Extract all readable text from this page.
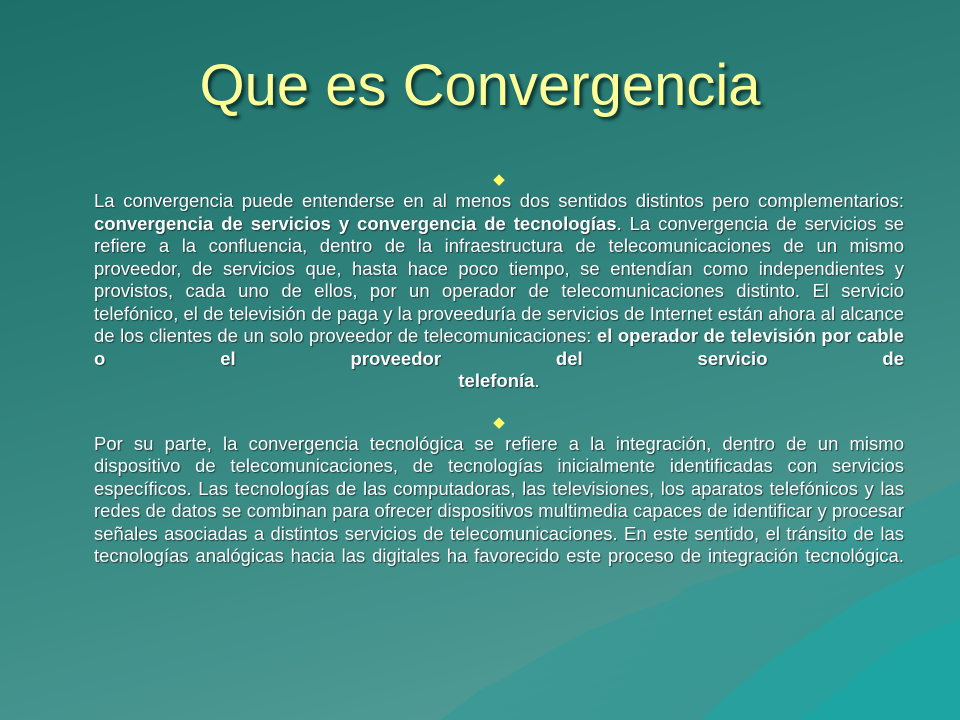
Que es Convergencia
◆

La convergencia puede entenderse en al menos dos sentidos distintos pero complementarios: convergencia de servicios y convergencia de tecnologías. La convergencia de servicios se refiere a la confluencia, dentro de la infraestructura de telecomunicaciones de un mismo proveedor, de servicios que, hasta hace poco tiempo, se entendían como independientes y provistos, cada uno de ellos, por un operador de telecomunicaciones distinto. El servicio telefónico, el de televisión de paga y la proveeduría de servicios de Internet están ahora al alcance de los clientes de un solo proveedor de telecomunicaciones: el operador de televisión por cable o el proveedor del servicio de

telefonía.

◆

Por su parte, la convergencia tecnológica se refiere a la integración, dentro de un mismo dispositivo de telecomunicaciones, de tecnologías inicialmente identificadas con servicios específicos. Las tecnologías de las computadoras, las televisiones, los aparatos telefónicos y las redes de datos se combinan para ofrecer dispositivos multimedia capaces de identificar y procesar señales asociadas a distintos servicios de telecomunicaciones. En este sentido, el tránsito de las tecnologías analógicas hacia las digitales ha favorecido este proceso de integración tecnológica.
